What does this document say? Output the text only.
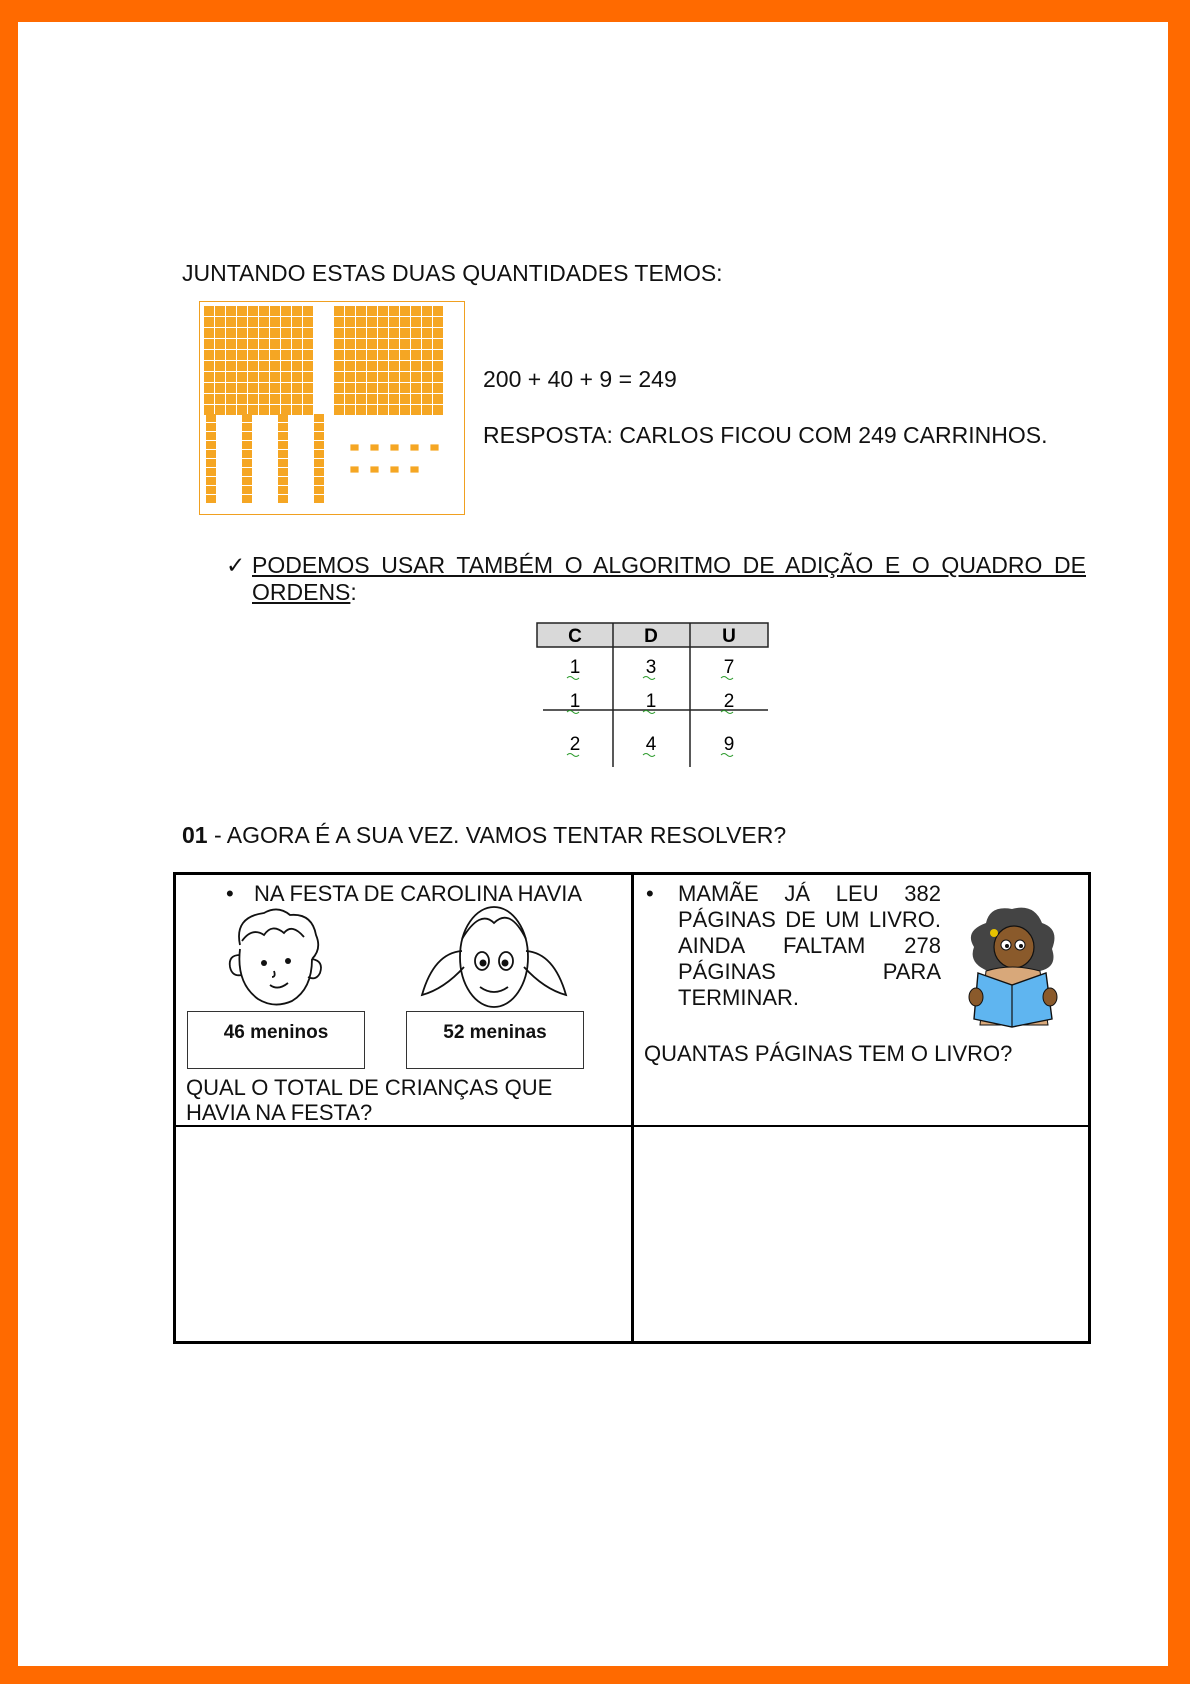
JUNTANDO ESTAS DUAS QUANTIDADES TEMOS:
200 + 40 + 9 = 249
RESPOSTA: CARLOS FICOU COM 249 CARRINHOS.
✓ PODEMOS USAR TAMBÉM O ALGORITMO DE ADIÇÃO E O QUADRO DE ORDENS:
C	D	U
1	3	7
1	1	2
2	4	9
01 - AGORA É A SUA VEZ. VAMOS TENTAR RESOLVER?
• NA FESTA DE CAROLINA HAVIA
46 meninos	52 meninas
QUAL O TOTAL DE CRIANÇAS QUE
HAVIA NA FESTA?
• MAMÃE JÁ LEU 382 PÁGINAS DE UM LIVRO. AINDA FALTAM 278 PÁGINAS PARA TERMINAR.
QUANTAS PÁGINAS TEM O LIVRO?
